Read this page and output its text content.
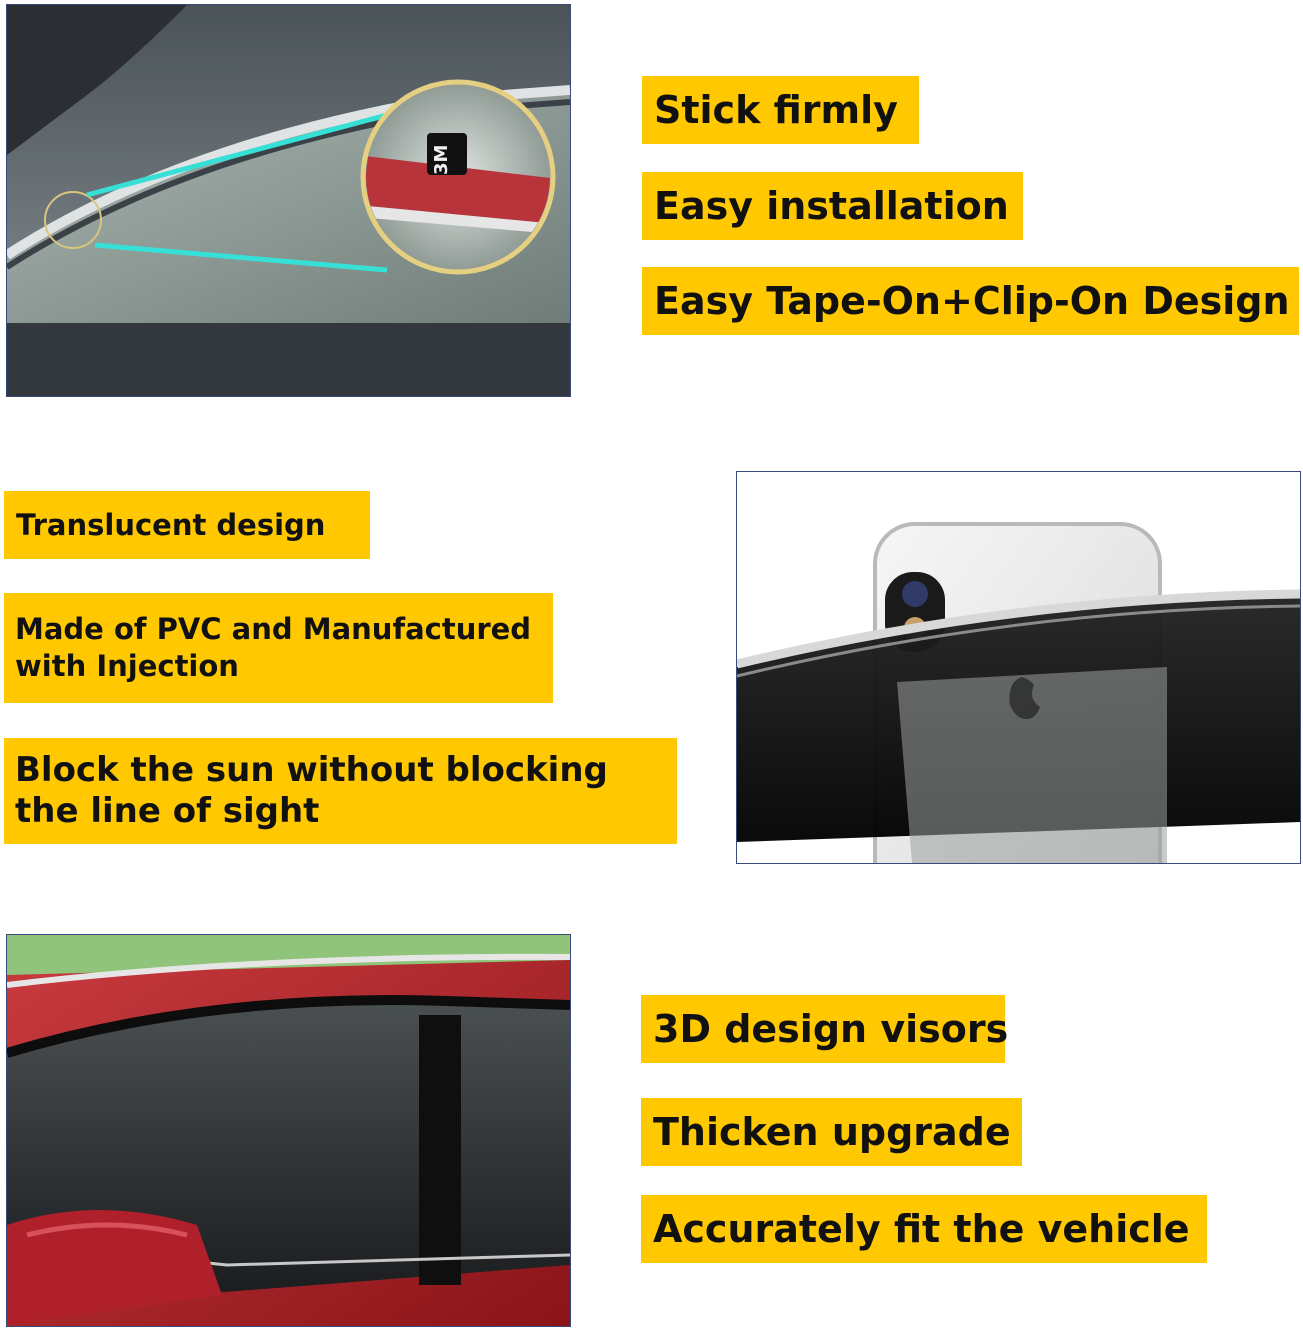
3M
Stick firmly
Easy installation
Easy Tape-On+Clip-On Design
Translucent design
Made of PVC and Manufactured with Injection
Block the sun without blocking the line of sight
3D design visors
Thicken upgrade
Accurately fit the vehicle
